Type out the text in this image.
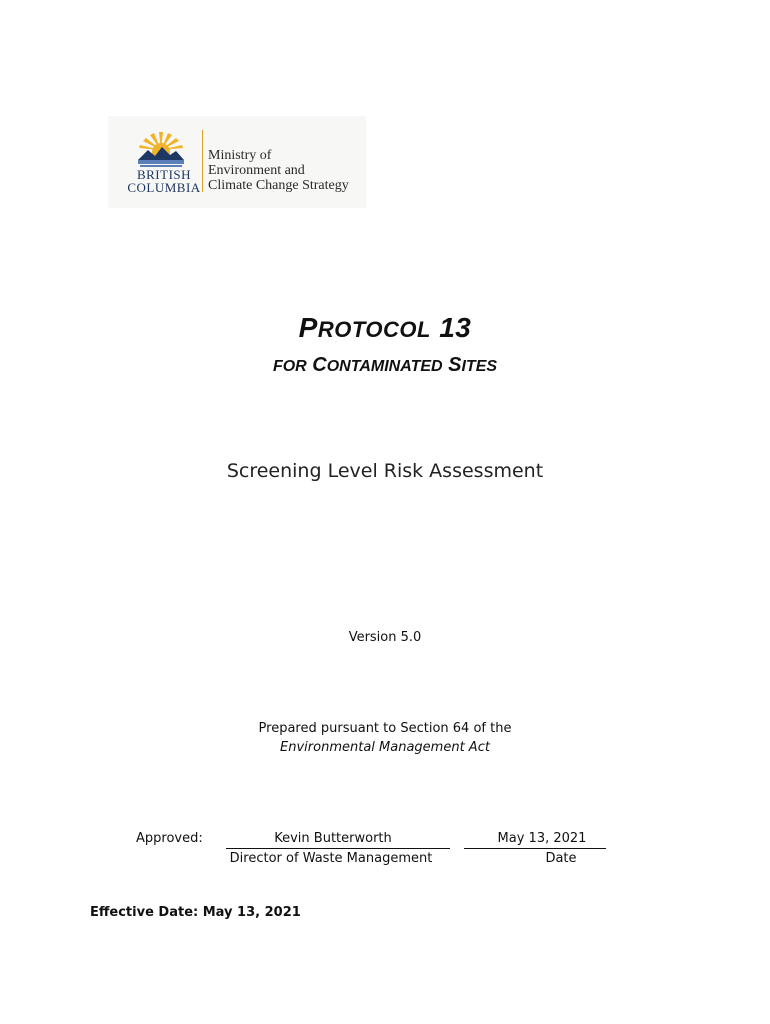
BRITISH
COLUMBIA
Ministry of
Environment and
Climate Change Strategy
PROTOCOL 13
FOR CONTAMINATED SITES
Screening Level Risk Assessment
Version 5.0
Prepared pursuant to Section 64 of the
Environmental Management Act
Approved:	Kevin Butterworth
Director of Waste Management
May 13, 2021
Date
Effective Date: May 13, 2021
